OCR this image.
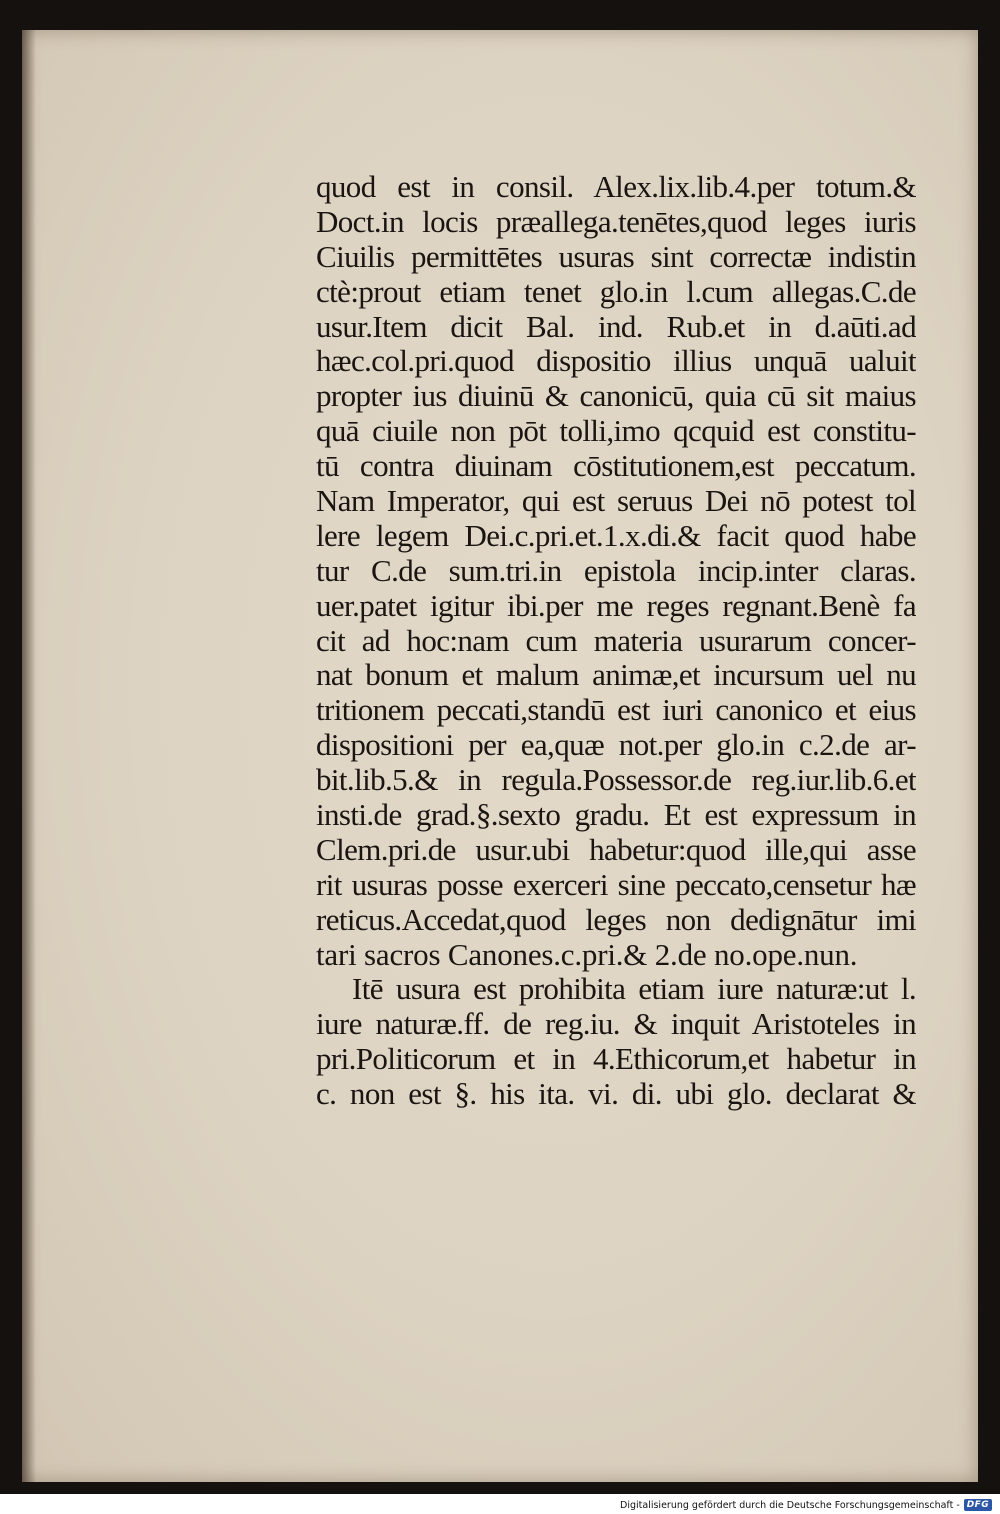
quod est in consil. Alex.lix.lib.4.per totum.&
Doct.in locis præallega.tenētes,quod leges iuris
Ciuilis permittētes usuras sint correctæ indistin
ctè:prout etiam tenet glo.in l.cum allegas.C.de
usur.Item dicit Bal. ind. Rub.et in d.aūti.ad
hæc.col.pri.quod dispositio illius unquā ualuit
propter ius diuinū & canonicū, quia cū sit maius
quā ciuile non pōt tolli,imo qcquid est constitu-
tū contra diuinam cōstitutionem,est peccatum.
Nam Imperator, qui est seruus Dei nō potest tol
lere legem Dei.c.pri.et.1.x.di.& facit quod habe
tur C.de sum.tri.in epistola incip.inter claras.
uer.patet igitur ibi.per me reges regnant.Benè fa
cit ad hoc:nam cum materia usurarum concer-
nat bonum et malum animæ,et incursum uel nu
tritionem peccati,standū est iuri canonico et eius
dispositioni per ea,quæ not.per glo.in c.2.de ar-
bit.lib.5.& in regula.Possessor.de reg.iur.lib.6.et
insti.de grad.§.sexto gradu. Et est expressum in
Clem.pri.de usur.ubi habetur:quod ille,qui asse
rit usuras posse exerceri sine peccato,censetur hæ
reticus.Accedat,quod leges non dedignātur imi
tari sacros Canones.c.pri.& 2.de no.ope.nun.
Itē usura est prohibita etiam iure naturæ:ut l.
iure naturæ.ff. de reg.iu. & inquit Aristoteles in
pri.Politicorum et in 4.Ethicorum,et habetur in
c. non est §. his ita. vi. di. ubi glo. declarat &
Digitalisierung gefördert durch die Deutsche Forschungsgemeinschaft - DFG
